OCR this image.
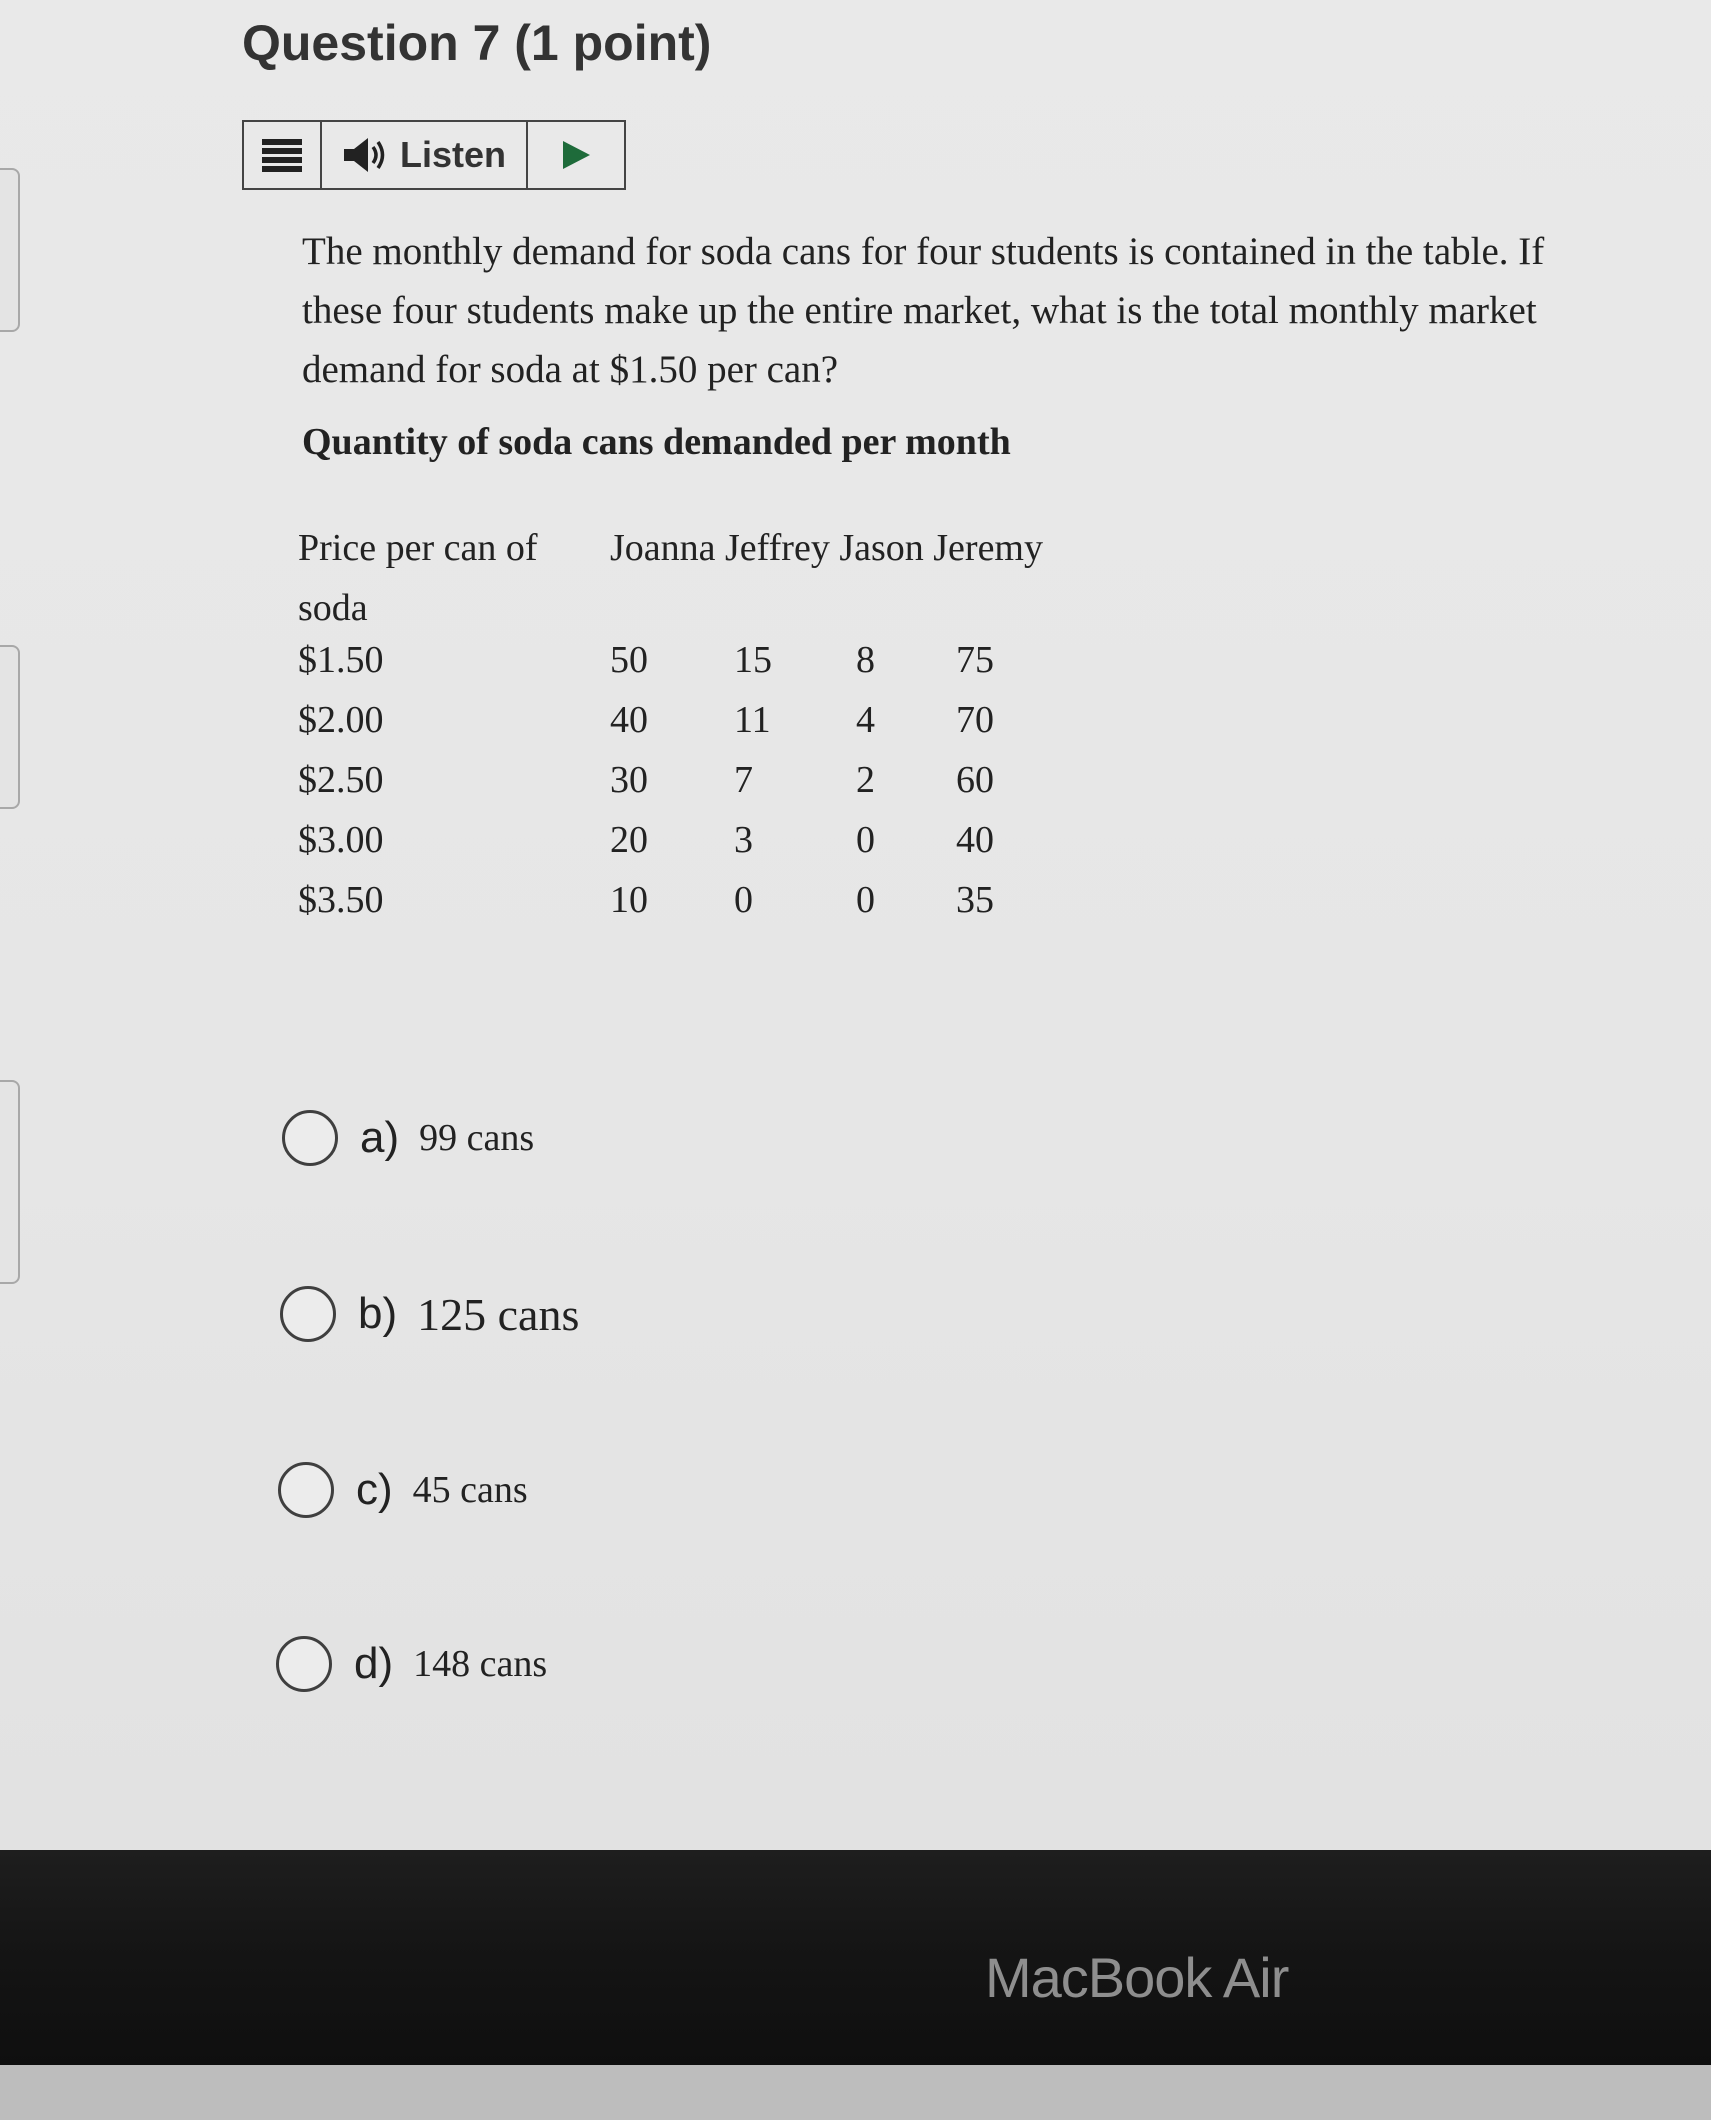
Question 7 (1 point)
Listen
The monthly demand for soda cans for four students is contained in the table. If these four students make up the entire market, what is the total monthly market demand for soda at $1.50 per can?
Quantity of soda cans demanded per month
Price per can of soda
Joanna Jeffrey Jason Jeremy
$1.50	50 15 8 75
$2.00	40 11 4 70
$2.50	30 7	2 60
$3.00	20 3	0 40
$3.50	10 0	0 35
a) 99 cans
b) 125 cans
c) 45 cans
d) 148 cans
MacBook Air
